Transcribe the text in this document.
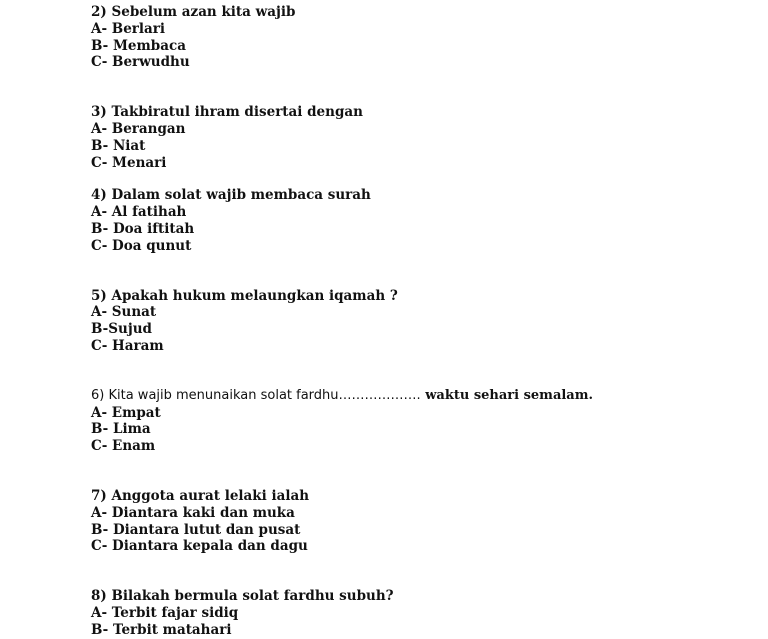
2) Sebelum azan kita wajib
A- Berlari
B- Membaca
C- Berwudhu
3) Takbiratul ihram disertai dengan
A- Berangan
B- Niat
C- Menari
4) Dalam solat wajib membaca surah
A- Al fatihah
B- Doa iftitah
C- Doa qunut
5) Apakah hukum melaungkan iqamah ?
A- Sunat
B-Sujud
C- Haram
6) Kita wajib menunaikan solat fardhu………………. waktu sehari semalam.
A- Empat
B- Lima
C- Enam
7) Anggota aurat lelaki ialah
A- Diantara kaki dan muka
B- Diantara lutut dan pusat
C- Diantara kepala dan dagu
8) Bilakah bermula solat fardhu subuh?
A- Terbit fajar sidiq
B- Terbit matahari
